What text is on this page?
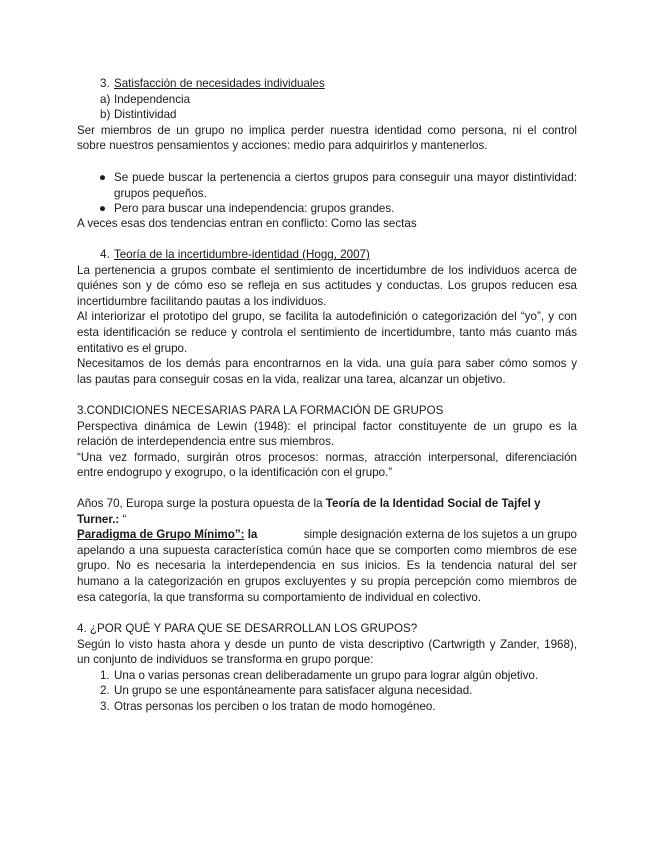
3. Satisfacción de necesidades individuales
a) Independencia
b) Distintividad
Ser miembros de un grupo no implica perder nuestra identidad como persona, ni el control
sobre nuestros pensamientos y acciones: medio para adquirirlos y mantenerlos.
● Se puede buscar la pertenencia a ciertos grupos para conseguir una mayor distintividad:
grupos pequeños.
● Pero para buscar una independencia: grupos grandes.
A veces esas dos tendencias entran en conflicto: Como las sectas
4. Teoría de la incertidumbre-identidad (Hogg, 2007)
La pertenencia a grupos combate el sentimiento de incertidumbre de los individuos acerca de
quiénes son y de cómo eso se refleja en sus actitudes y conductas. Los grupos reducen esa
incertidumbre facilitando pautas a los individuos.
Al interiorizar el prototipo del grupo, se facilita la autodefinición o categorización del “yo”, y con
esta identificación se reduce y controla el sentimiento de incertidumbre, tanto más cuanto más
entitativo es el grupo.
Necesitamos de los demás para encontrarnos en la vida. una guía para saber cómo somos y
las pautas para conseguir cosas en la vida, realizar una tarea, alcanzar un objetivo.
3.CONDICIONES NECESARIAS PARA LA FORMACIÓN DE GRUPOS
Perspectiva dinámica de Lewin (1948): el principal factor constituyente de un grupo es la
relación de interdependencia entre sus miembros.
“Una vez formado, surgirán otros procesos: normas, atracción interpersonal, diferenciación
entre endogrupo y exogrupo, o la identificación con el grupo.”
Años 70, Europa surge la postura opuesta de la Teoría de la Identidad Social de Tajfel y
Turner.: “
Paradigma de Grupo Mínimo”: la	simple designación externa de los sujetos a un grupo
apelando a una supuesta característica común hace que se comporten como miembros de ese
grupo. No es necesaria la interdependencia en sus inicios. Es la tendencia natural del ser
humano a la categorización en grupos excluyentes y su propia percepción como miembros de
esa categoría, la que transforma su comportamiento de individual en colectivo.
4. ¿POR QUÉ Y PARA QUE SE DESARROLLAN LOS GRUPOS?
Según lo visto hasta ahora y desde un punto de vista descriptivo (Cartwrigth y Zander, 1968),
un conjunto de individuos se transforma en grupo porque:
1. Una o varias personas crean deliberadamente un grupo para lograr algún objetivo.
2. Un grupo se une espontáneamente para satisfacer alguna necesidad.
3. Otras personas los perciben o los tratan de modo homogéneo.
